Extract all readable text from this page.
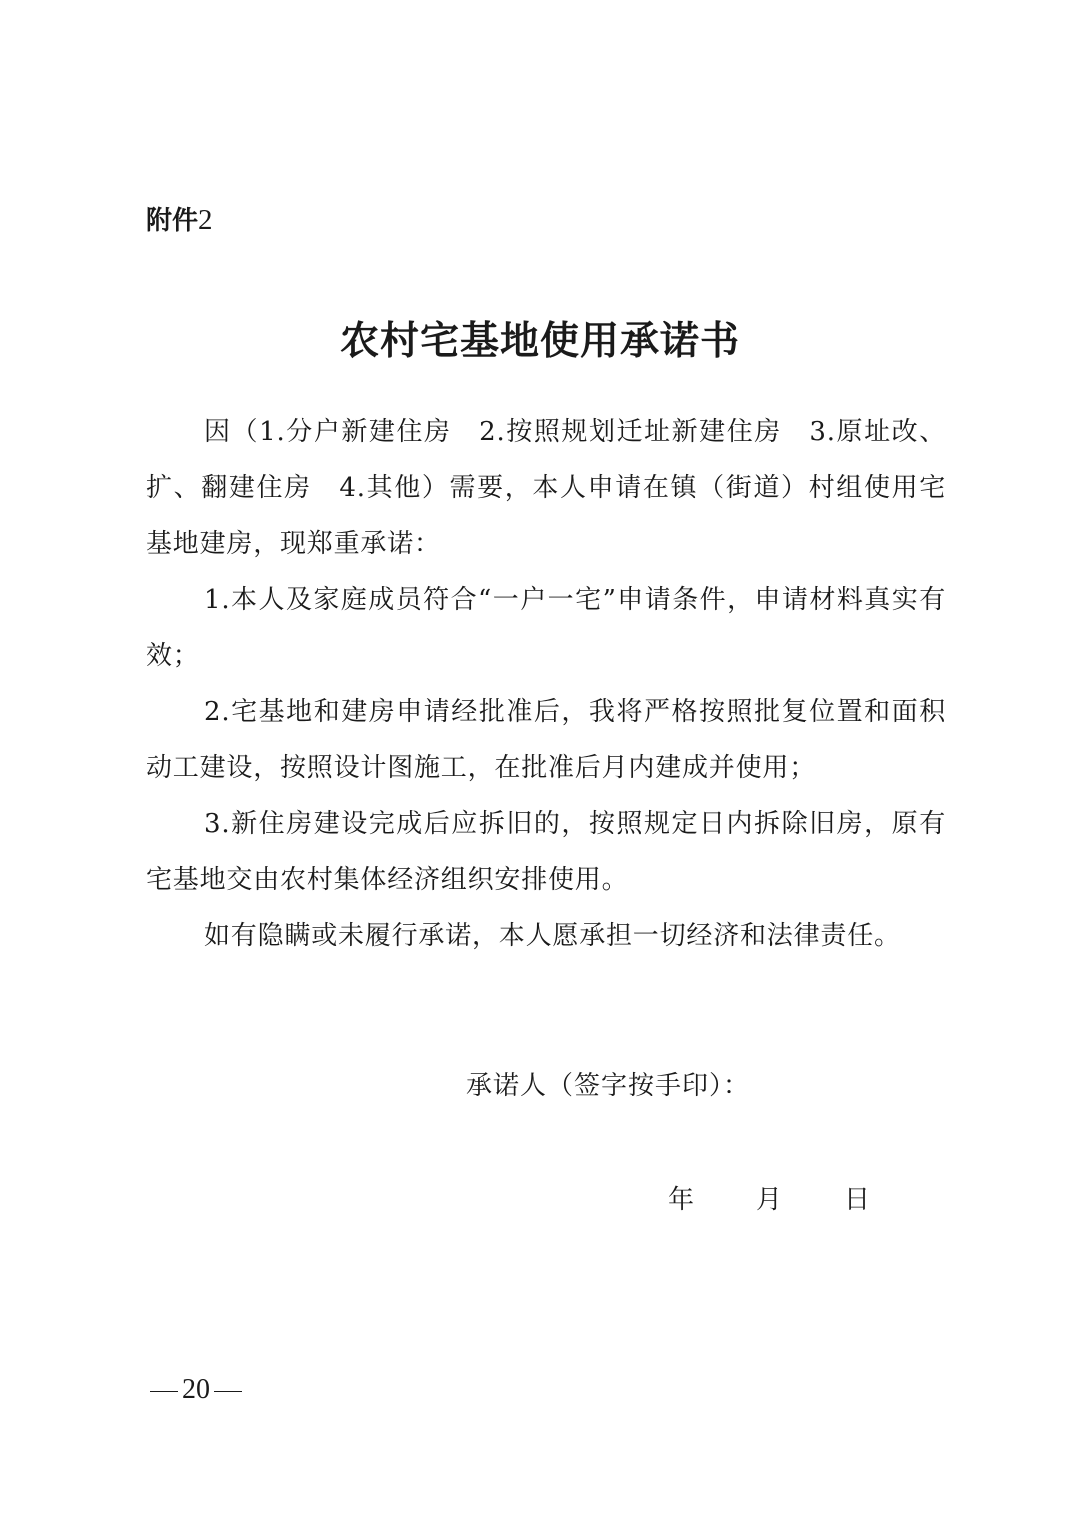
附件2

农村宅基地使用承诺书

因（1.分户新建住房　2.按照规划迁址新建住房　3.原址改、扩、翻建住房　4.其他）需要，本人申请在镇（街道）村组使用宅基地建房，现郑重承诺：

1.本人及家庭成员符合“一户一宅”申请条件，申请材料真实有效；

2.宅基地和建房申请经批准后，我将严格按照批复位置和面积动工建设，按照设计图施工，在批准后月内建成并使用；

3.新住房建设完成后应拆旧的，按照规定日内拆除旧房，原有宅基地交由农村集体经济组织安排使用。

如有隐瞒或未履行承诺，本人愿承担一切经济和法律责任。

承诺人（签字按手印）：

年 月 日

20
